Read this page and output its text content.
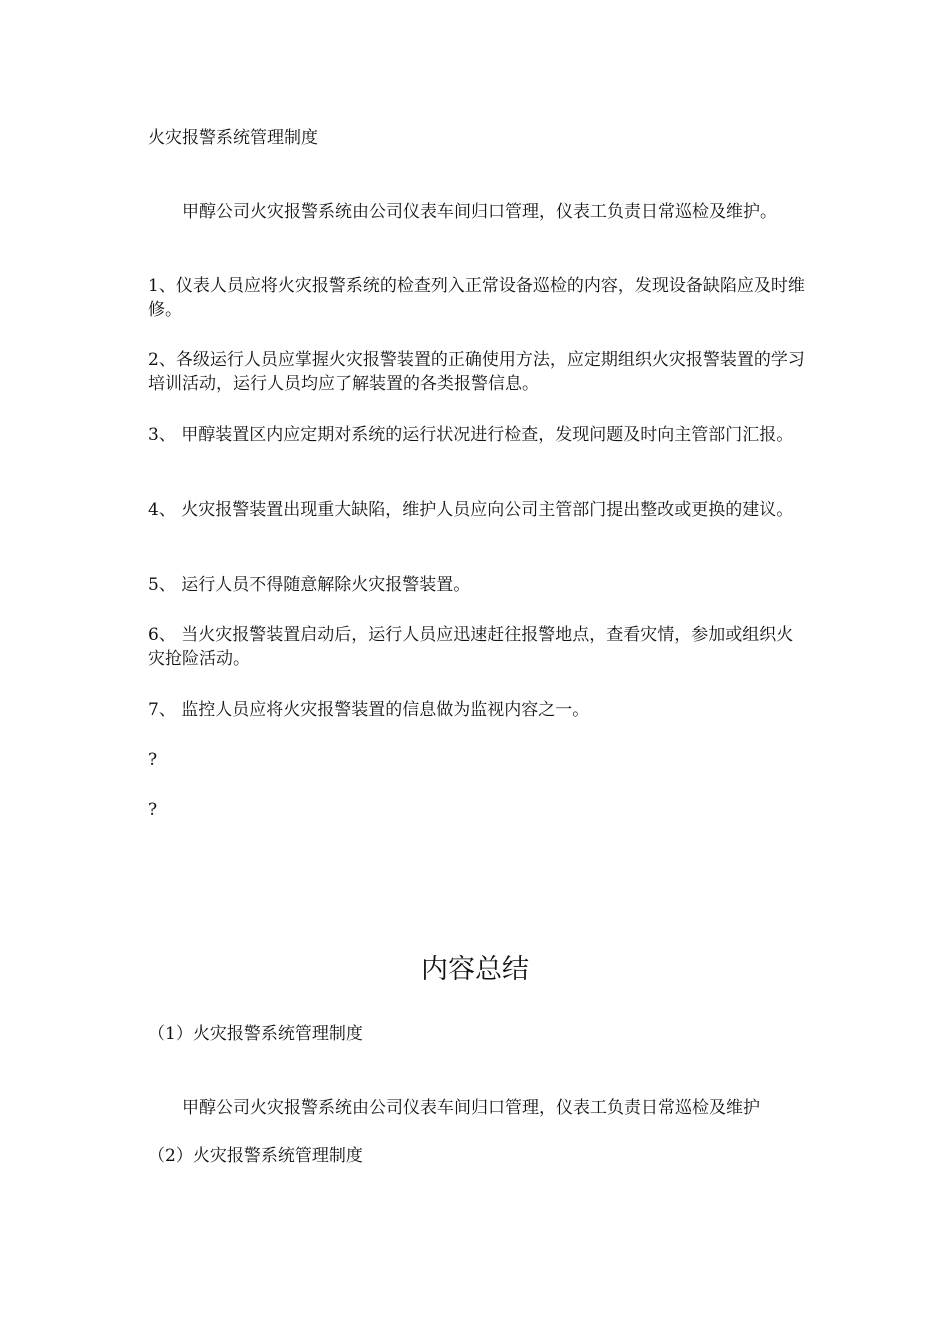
火灾报警系统管理制度
甲醇公司火灾报警系统由公司仪表车间归口管理，仪表工负责日常巡检及维护。
1、仪表人员应将火灾报警系统的检查列入正常设备巡检的内容，发现设备缺陷应及时维修。
2、各级运行人员应掌握火灾报警装置的正确使用方法，应定期组织火灾报警装置的学习培训活动，运行人员均应了解装置的各类报警信息。
3、 甲醇装置区内应定期对系统的运行状况进行检查，发现问题及时向主管部门汇报。
4、 火灾报警装置出现重大缺陷，维护人员应向公司主管部门提出整改或更换的建议。
5、 运行人员不得随意解除火灾报警装置。
6、 当火灾报警装置启动后，运行人员应迅速赶往报警地点，查看灾情，参加或组织火灾抢险活动。
7、 监控人员应将火灾报警装置的信息做为监视内容之一。
?
?
内容总结
（1）火灾报警系统管理制度
甲醇公司火灾报警系统由公司仪表车间归口管理，仪表工负责日常巡检及维护
（2）火灾报警系统管理制度
